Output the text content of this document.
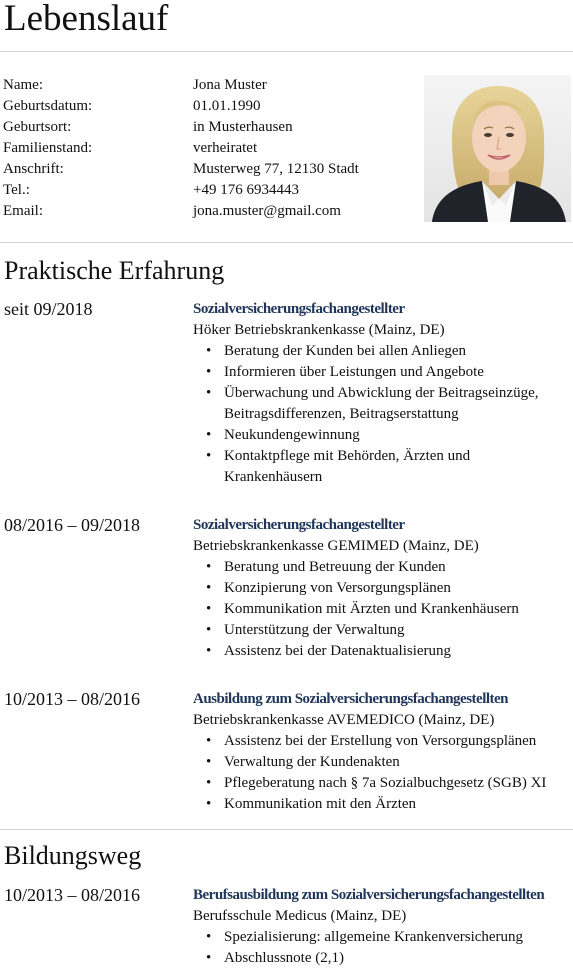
Lebenslauf
Name:	Jona Muster
Geburtsdatum:	01.01.1990
Geburtsort:	in Musterhausen
Familienstand:	verheiratet
Anschrift:	Musterweg 77, 12130 Stadt
Tel.:	+49 176 6934443
Email:	jona.muster@gmail.com
Praktische Erfahrung
seit 09/2018	Sozialversicherungsfachangestellter
Höker Betriebskrankenkasse (Mainz, DE)
• Beratung der Kunden bei allen Anliegen
• Informieren über Leistungen und Angebote
• Überwachung und Abwicklung der Beitragseinzüge, Beitragsdifferenzen, Beitragserstattung
• Neukundengewinnung
• Kontaktpflege mit Behörden, Ärzten und Krankenhäusern
08/2016 – 09/2018	Sozialversicherungsfachangestellter
Betriebskrankenkasse GEMIMED (Mainz, DE)
• Beratung und Betreuung der Kunden
• Konzipierung von Versorgungsplänen
• Kommunikation mit Ärzten und Krankenhäusern
• Unterstützung der Verwaltung
• Assistenz bei der Datenaktualisierung
10/2013 – 08/2016	Ausbildung zum Sozialversicherungsfachangestellten
Betriebskrankenkasse AVEMEDICO (Mainz, DE)
• Assistenz bei der Erstellung von Versorgungsplänen
• Verwaltung der Kundenakten
• Pflegeberatung nach § 7a Sozialbuchgesetz (SGB) XI
• Kommunikation mit den Ärzten
Bildungsweg
10/2013 – 08/2016	Berufsausbildung zum Sozialversicherungsfachangestellten
Berufsschule Medicus (Mainz, DE)
• Spezialisierung: allgemeine Krankenversicherung
• Abschlussnote (2,1)
